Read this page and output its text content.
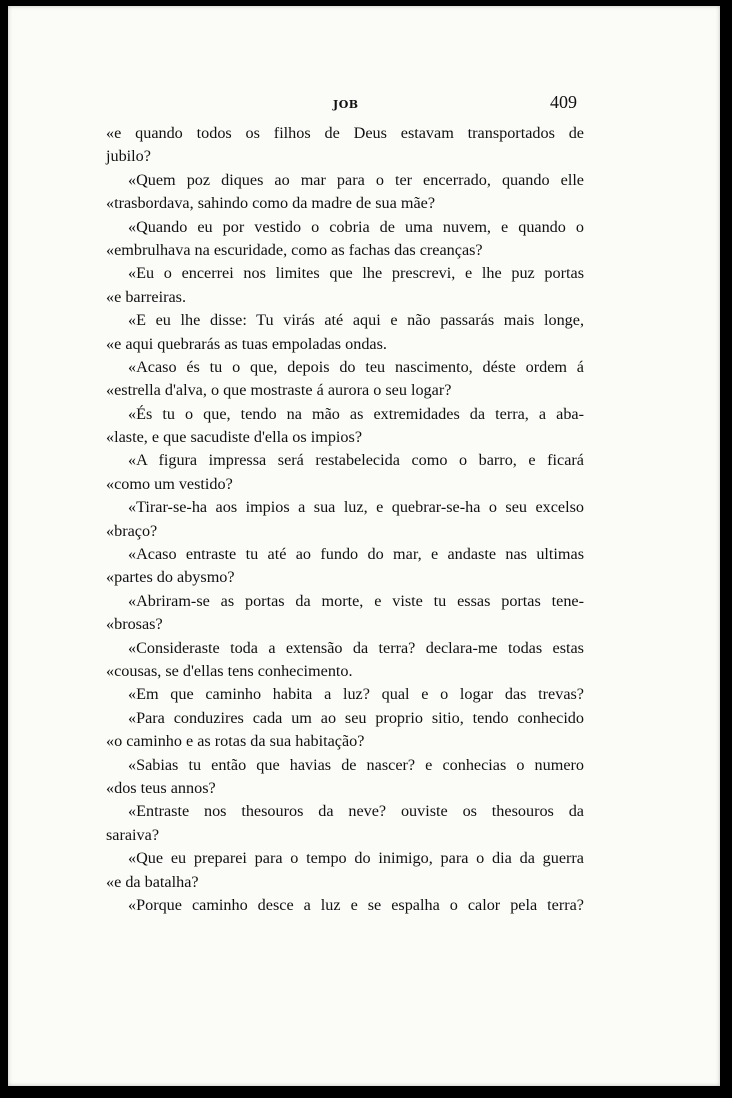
JOB	409
«e quando todos os filhos de Deus estavam transportados de
jubilo?
«Quem poz diques ao mar para o ter encerrado, quando elle
«trasbordava, sahindo como da madre de sua mãe?
«Quando eu por vestido o cobria de uma nuvem, e quando o
«embrulhava na escuridade, como as fachas das creanças?
«Eu o encerrei nos limites que lhe prescrevi, e lhe puz portas
«e barreiras.
«E eu lhe disse: Tu virás até aqui e não passarás mais longe,
«e aqui quebrarás as tuas empoladas ondas.
«Acaso és tu o que, depois do teu nascimento, déste ordem á
«estrella d'alva, o que mostraste á aurora o seu logar?
«És tu o que, tendo na mão as extremidades da terra, a aba-
«laste, e que sacudiste d'ella os impios?
«A figura impressa será restabelecida como o barro, e ficará
«como um vestido?
«Tirar-se-ha aos impios a sua luz, e quebrar-se-ha o seu excelso
«braço?
«Acaso entraste tu até ao fundo do mar, e andaste nas ultimas
«partes do abysmo?
«Abriram-se as portas da morte, e viste tu essas portas tene-
«brosas?
«Consideraste toda a extensão da terra? declara-me todas estas
«cousas, se d'ellas tens conhecimento.
«Em que caminho habita a luz? qual e o logar das trevas?
«Para conduzires cada um ao seu proprio sitio, tendo conhecido
«o caminho e as rotas da sua habitação?
«Sabias tu então que havias de nascer? e conhecias o numero
«dos teus annos?
«Entraste nos thesouros da neve? ouviste os thesouros da
saraiva?
«Que eu preparei para o tempo do inimigo, para o dia da guerra
«e da batalha?
«Porque caminho desce a luz e se espalha o calor pela terra?
